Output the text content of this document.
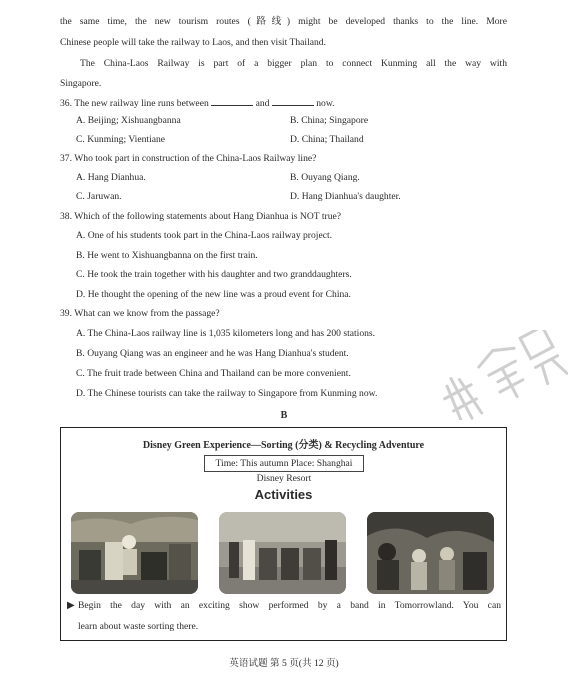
the same time, the new tourism routes (路线) might be developed thanks to the line. More
Chinese people will take the railway to Laos, and then visit Thailand.
The China-Laos Railway is part of a bigger plan to connect Kunming all the way with
Singapore.
36. The new railway line runs between	and	now.
A. Beijing; Xishuangbanna	B. China; Singapore
C. Kunming; Vientiane	D. China; Thailand
37. Who took part in construction of the China-Laos Railway line?
A. Hang Dianhua.	B. Ouyang Qiang.
C. Jaruwan.	D. Hang Dianhua's daughter.
38. Which of the following statements about Hang Dianhua is NOT true?
A. One of his students took part in the China-Laos railway project.
B. He went to Xishuangbanna on the first train.
C. He took the train together with his daughter and two granddaughters.
D. He thought the opening of the new line was a proud event for China.
39. What can we know from the passage?
A. The China-Laos railway line is 1,035 kilometers long and has 200 stations.
B. Ouyang Qiang was an engineer and he was Hang Dianhua's student.
C. The fruit trade between China and Thailand can be more convenient.
D. The Chinese tourists can take the railway to Singapore from Kunming now.
B
Disney Green Experience—Sorting (分类) & Recycling Adventure
Time: This autumn Place: Shanghai Disney Resort
Activities
▶ Begin the day with an exciting show performed by a band in Tomorrowland. You can
learn about waste sorting there.
英语试题 第 5 页(共 12 页)
